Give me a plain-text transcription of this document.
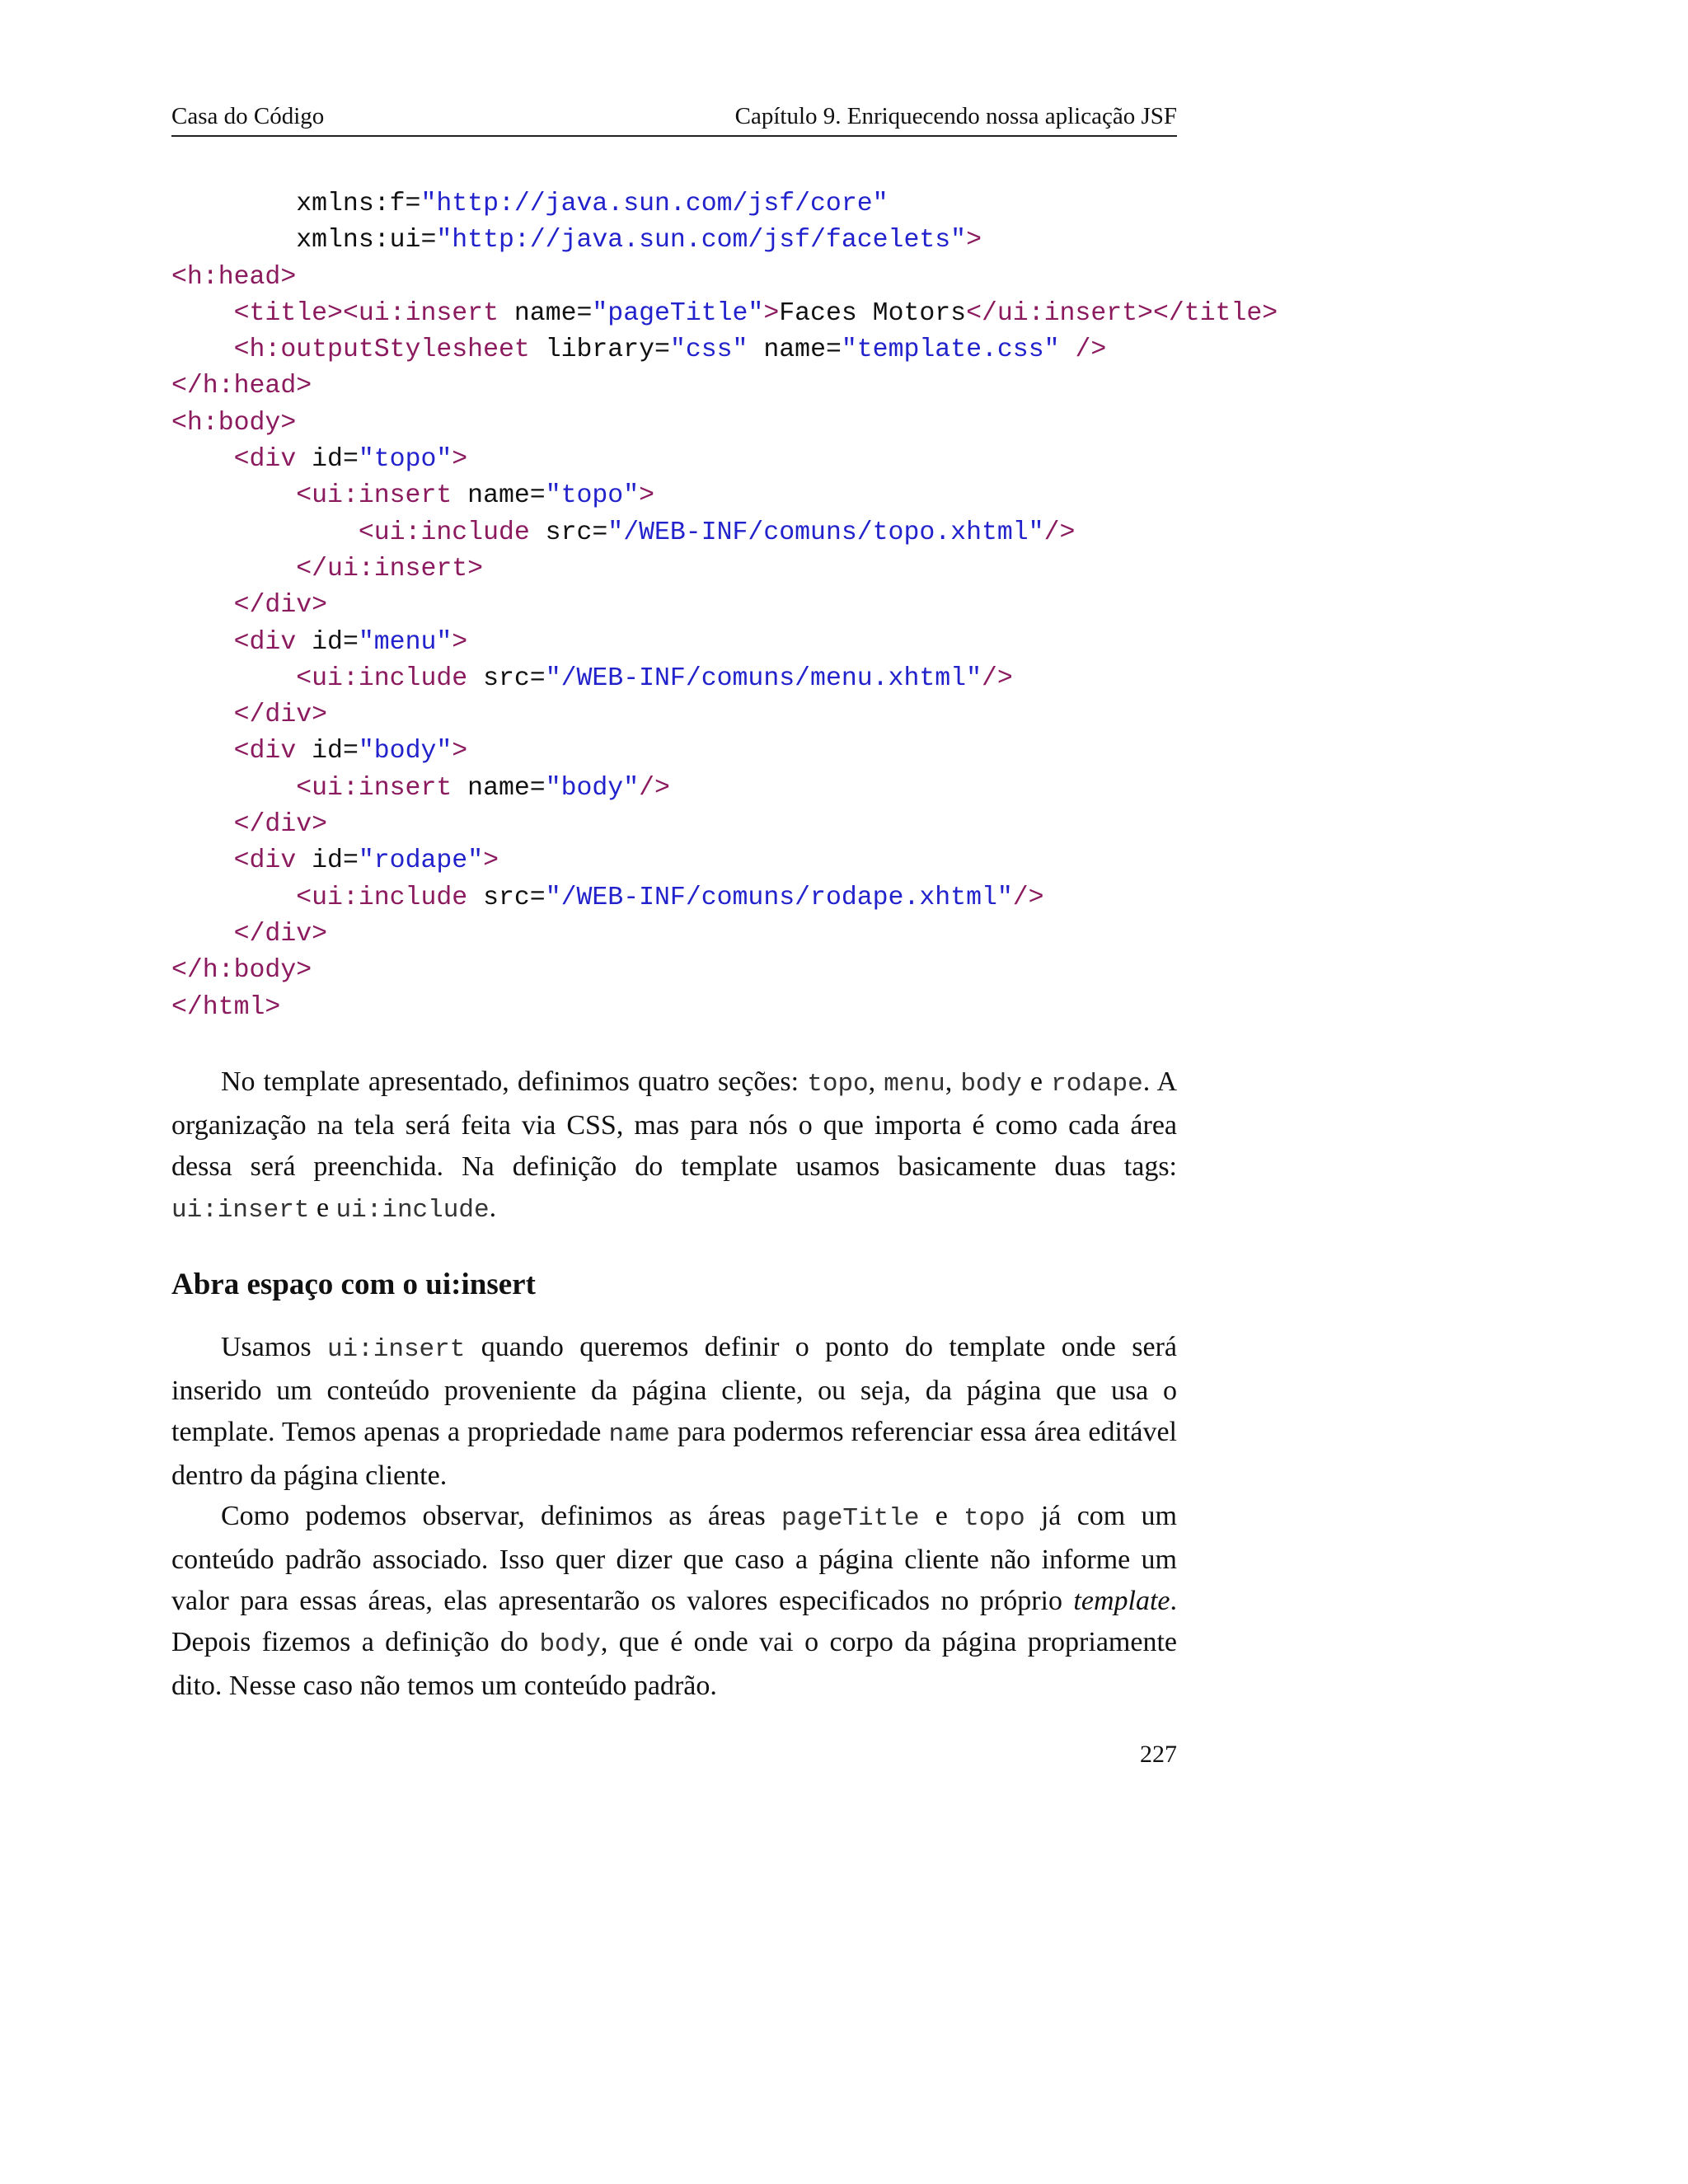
Casa do Código	Capítulo 9. Enriquecendo nossa aplicação JSF
xmlns:f="http://java.sun.com/jsf/core"
xmlns:ui="http://java.sun.com/jsf/facelets">
<h:head>
<title><ui:insert name="pageTitle">Faces Motors</ui:insert></title>
<h:outputStylesheet library="css" name="template.css" />
</h:head>
<h:body>
<div id="topo">
<ui:insert name="topo">
<ui:include src="/WEB-INF/comuns/topo.xhtml"/>
</ui:insert>
</div>
<div id="menu">
<ui:include src="/WEB-INF/comuns/menu.xhtml"/>
</div>
<div id="body">
<ui:insert name="body"/>
</div>
<div id="rodape">
<ui:include src="/WEB-INF/comuns/rodape.xhtml"/>
</div>
</h:body>
</html>

No template apresentado, definimos quatro seções: topo, menu, body e rodape. A organização na tela será feita via CSS, mas para nós o que importa é como cada área dessa será preenchida. Na definição do template usamos basicamente duas tags: ui:insert e ui:include.

Abra espaço com o ui:insert

Usamos ui:insert quando queremos definir o ponto do template onde será inserido um conteúdo proveniente da página cliente, ou seja, da página que usa o template. Temos apenas a propriedade name para podermos referenciar essa área editável dentro da página cliente.

Como podemos observar, definimos as áreas pageTitle e topo já com um conteúdo padrão associado. Isso quer dizer que caso a página cliente não informe um valor para essas áreas, elas apresentarão os valores especificados no próprio template. Depois fizemos a definição do body, que é onde vai o corpo da página propriamente dito. Nesse caso não temos um conteúdo padrão.

227
